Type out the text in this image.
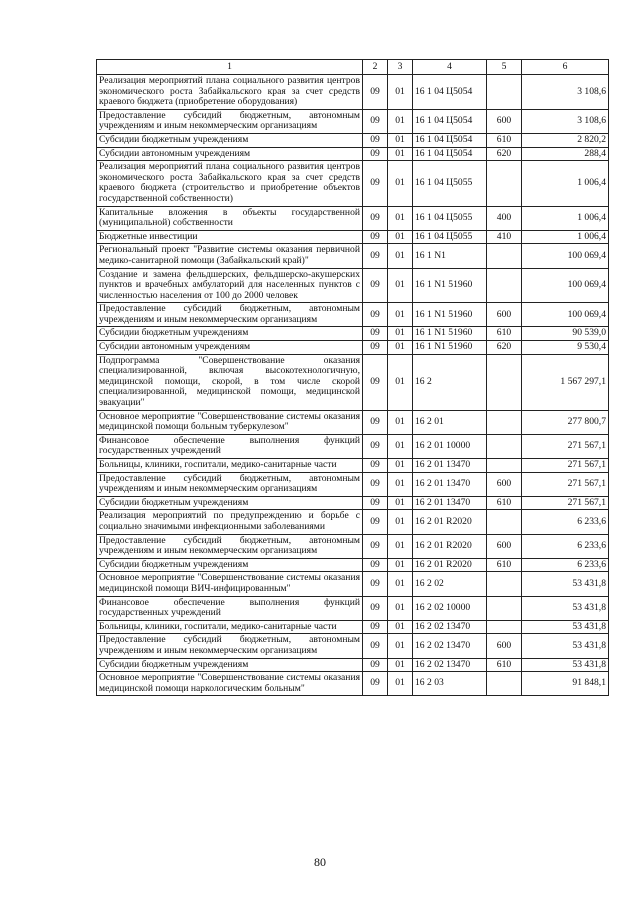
1	2	3	4	5	6
Реализация мероприятий плана социального развития центров экономического роста Забайкальского края за счет средств краевого бюджета (приобретение оборудования)	09	01	16 1 04 Ц5054		3 108,6
Предоставление субсидий бюджетным, автономным учреждениям и иным некоммерческим организациям	09	01	16 1 04 Ц5054	600	3 108,6
Субсидии бюджетным учреждениям	09	01	16 1 04 Ц5054	610	2 820,2
Субсидии автономным учреждениям	09	01	16 1 04 Ц5054	620	288,4
Реализация мероприятий плана социального развития центров экономического роста Забайкальского края за счет средств краевого бюджета (строительство и приобретение объектов государственной собственности)	09	01	16 1 04 Ц5055		1 006,4
Капитальные вложения в объекты государственной (муниципальной) собственности	09	01	16 1 04 Ц5055	400	1 006,4
Бюджетные инвестиции	09	01	16 1 04 Ц5055	410	1 006,4
Региональный проект "Развитие системы оказания первичной медико-санитарной помощи (Забайкальский край)"	09	01	16 1 N1		100 069,4
Создание и замена фельдшерских, фельдшерско-акушерских пунктов и врачебных амбулаторий для населенных пунктов с численностью населения от 100 до 2000 человек	09	01	16 1 N1 51960		100 069,4
Предоставление субсидий бюджетным, автономным учреждениям и иным некоммерческим организациям	09	01	16 1 N1 51960	600	100 069,4
Субсидии бюджетным учреждениям	09	01	16 1 N1 51960	610	90 539,0
Субсидии автономным учреждениям	09	01	16 1 N1 51960	620	9 530,4
Подпрограмма "Совершенствование оказания специализированной, включая высокотехнологичную, медицинской помощи, скорой, в том числе скорой специализированной, медицинской помощи, медицинской эвакуации"	09	01	16 2		1 567 297,1
Основное мероприятие "Совершенствование системы оказания медицинской помощи больным туберкулезом"	09	01	16 2 01		277 800,7
Финансовое обеспечение выполнения функций государственных учреждений	09	01	16 2 01 10000		271 567,1
Больницы, клиники, госпитали, медико-санитарные части	09	01	16 2 01 13470		271 567,1
Предоставление субсидий бюджетным, автономным учреждениям и иным некоммерческим организациям	09	01	16 2 01 13470	600	271 567,1
Субсидии бюджетным учреждениям	09	01	16 2 01 13470	610	271 567,1
Реализация мероприятий по предупреждению и борьбе с социально значимыми инфекционными заболеваниями	09	01	16 2 01 R2020		6 233,6
Предоставление субсидий бюджетным, автономным учреждениям и иным некоммерческим организациям	09	01	16 2 01 R2020	600	6 233,6
Субсидии бюджетным учреждениям	09	01	16 2 01 R2020	610	6 233,6
Основное мероприятие "Совершенствование системы оказания медицинской помощи ВИЧ-инфицированным"	09	01	16 2 02		53 431,8
Финансовое обеспечение выполнения функций государственных учреждений	09	01	16 2 02 10000		53 431,8
Больницы, клиники, госпитали, медико-санитарные части	09	01	16 2 02 13470		53 431,8
Предоставление субсидий бюджетным, автономным учреждениям и иным некоммерческим организациям	09	01	16 2 02 13470	600	53 431,8
Субсидии бюджетным учреждениям	09	01	16 2 02 13470	610	53 431,8
Основное мероприятие "Совершенствование системы оказания медицинской помощи наркологическим больным"	09	01	16 2 03		91 848,1
80
